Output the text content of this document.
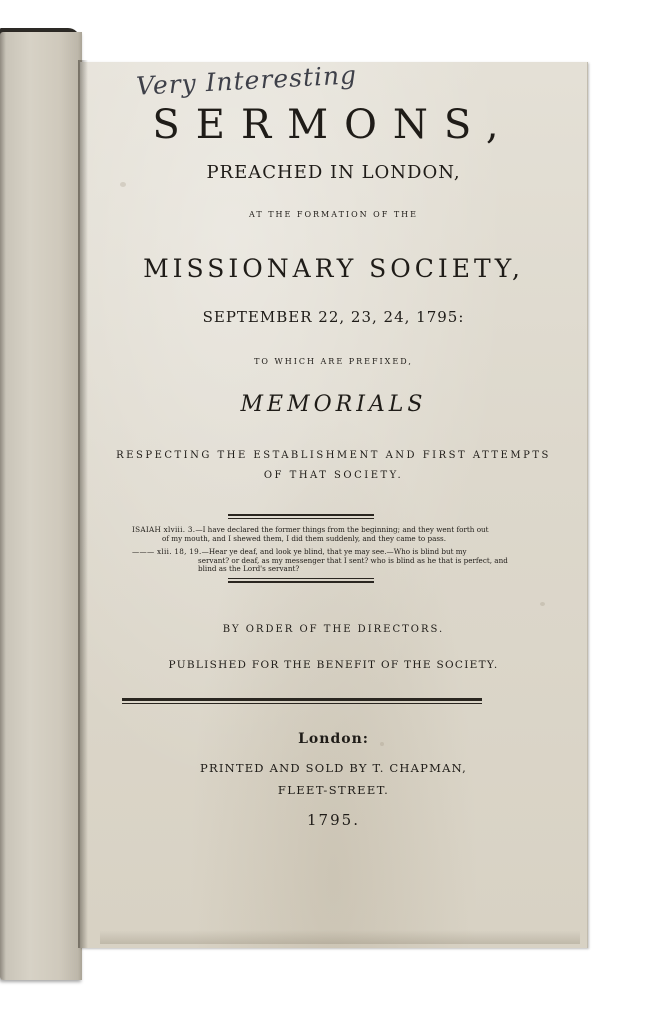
Very Interesting
SERMONS,
PREACHED IN LONDON,
AT THE FORMATION OF THE
MISSIONARY SOCIETY,
SEPTEMBER 22, 23, 24, 1795:
TO WHICH ARE PREFIXED,
MEMORIALS
RESPECTING THE ESTABLISHMENT AND FIRST ATTEMPTS
OF THAT SOCIETY.
ISAIAH xlviii. 3.—I have declared the former things from the beginning; and they went forth out
of my mouth, and I shewed them, I did them suddenly, and they came to pass.
——— xlii. 18, 19.—Hear ye deaf, and look ye blind, that ye may see.—Who is blind but my
servant? or deaf, as my messenger that I sent? who is blind as he that is perfect, and
blind as the Lord's servant?
BY ORDER OF THE DIRECTORS.
PUBLISHED FOR THE BENEFIT OF THE SOCIETY.
London:
PRINTED AND SOLD BY T. CHAPMAN,
FLEET-STREET.
1795.
